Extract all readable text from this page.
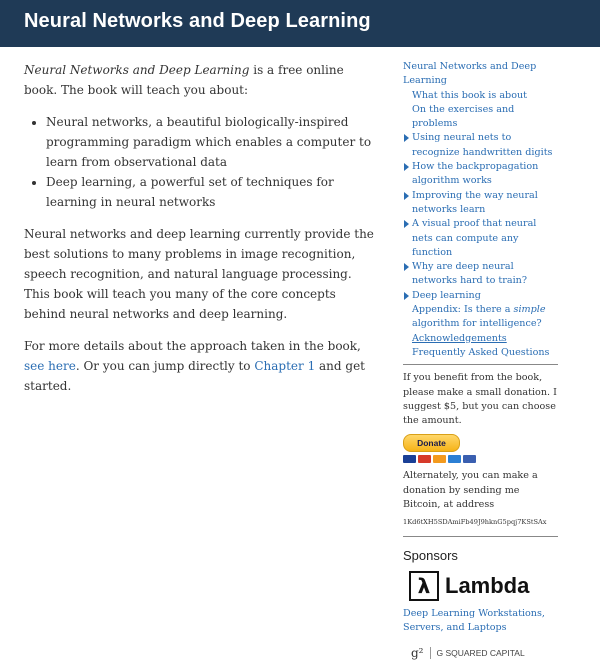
Neural Networks and Deep Learning

Neural Networks and Deep Learning is a free online book. The book will teach you about:

• Neural networks, a beautiful biologically-inspired programming paradigm which enables a computer to learn from observational data
• Deep learning, a powerful set of techniques for learning in neural networks

Neural networks and deep learning currently provide the best solutions to many problems in image recognition, speech recognition, and natural language processing. This book will teach you many of the core concepts behind neural networks and deep learning.

For more details about the approach taken in the book, see here. Or you can jump directly to Chapter 1 and get started.

Neural Networks and Deep Learning
What this book is about
On the exercises and problems
Using neural nets to recognize handwritten digits
How the backpropagation algorithm works
Improving the way neural networks learn
A visual proof that neural nets can compute any function
Why are deep neural networks hard to train?
Deep learning
Appendix: Is there a simple algorithm for intelligence?
Acknowledgements
Frequently Asked Questions
If you benefit from the book, please make a small donation. I suggest $5, but you can choose the amount.
Donate
Alternately, you can make a donation by sending me Bitcoin, at address
1Kd6tXH5SDAmiFb49J9hknG5pqj7KStSAx
Sponsors
λ Lambda
Deep Learning Workstations, Servers, and Laptops
g² G SQUARED CAPITAL
